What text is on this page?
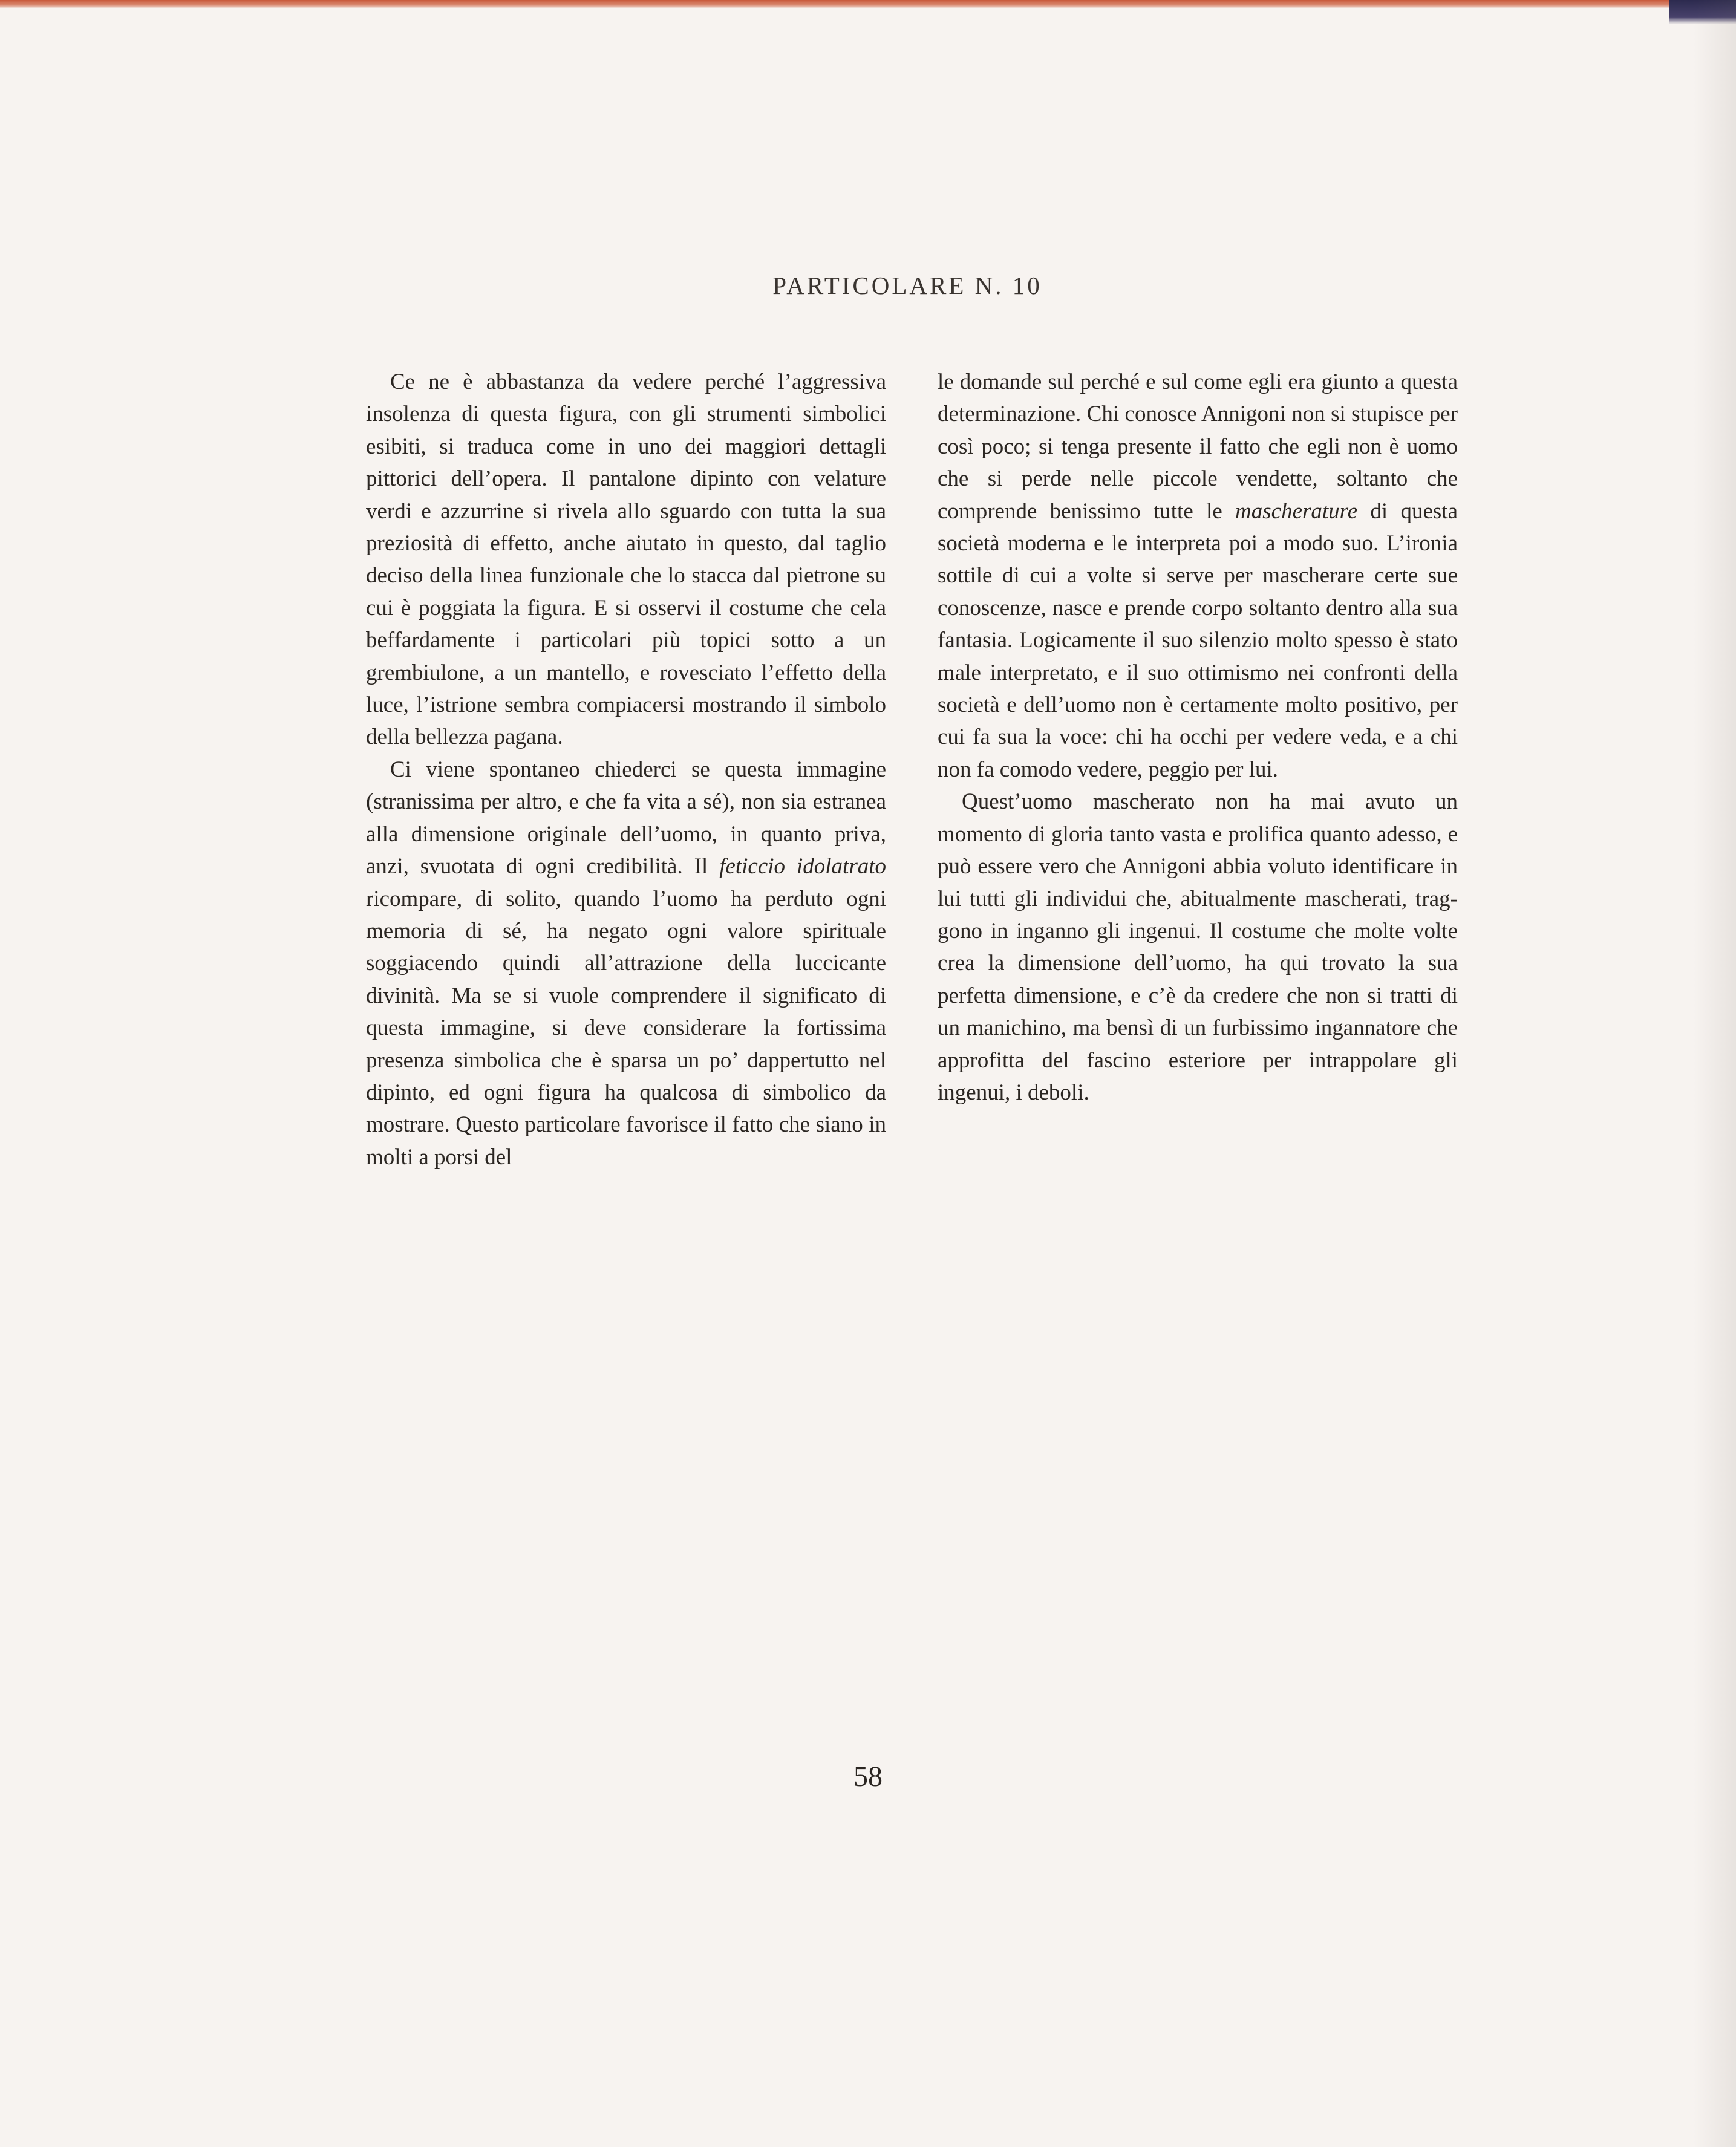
PARTICOLARE N. 10

Ce ne è abbastanza da vedere perché l’aggressiva insolenza di questa figura, con gli strumenti simbolici esibiti, si traduca come in uno dei maggiori dettagli pittorici dell’opera. Il pantalone dipinto con velature verdi e azzurrine si rivela allo sguardo con tutta la sua preziosità di effetto, anche aiutato in questo, dal taglio deciso della linea funzionale che lo stacca dal pietrone su cui è poggiata la figura. E si osservi il costume che cela beffardamente i particolari più topici sotto a un grembiulone, a un mantello, e rovesciato l’effetto della luce, l’istrione sembra compiacersi mostrando il simbolo della bellezza pagana.

Ci viene spontaneo chiederci se questa immagine (stranissima per altro, e che fa vita a sé), non sia estranea alla dimensione originale dell’uomo, in quanto priva, anzi, svuotata di ogni credibilità. Il feticcio idolatrato ricompare, di solito, quando l’uomo ha perduto ogni memoria di sé, ha negato ogni valore spirituale soggiacendo quindi all’attrazione della luccicante divinità. Ma se si vuole comprendere il significato di questa immagine, si deve considerare la fortissima presenza simbolica che è sparsa un po’ dappertutto nel dipinto, ed ogni figura ha qualcosa di simbolico da mostrare. Questo particolare favorisce il fatto che siano in molti a porsi del

le domande sul perché e sul come egli era giunto a questa determinazione. Chi conosce Annigoni non si stupisce per così poco; si tenga presente il fatto che egli non è uomo che si perde nelle piccole vendette, soltanto che comprende benissimo tutte le mascherature di questa società moderna e le interpreta poi a modo suo. L’ironia sottile di cui a volte si serve per mascherare certe sue conoscenze, nasce e prende corpo soltanto dentro alla sua fantasia. Logicamente il suo silenzio molto spesso è stato male interpretato, e il suo ottimismo nei confronti della società e dell’uomo non è certamente molto positivo, per cui fa sua la voce: chi ha occhi per vedere veda, e a chi non fa comodo vedere, peggio per lui.

Quest’uomo mascherato non ha mai avuto un momento di gloria tanto vasta e prolifica quanto adesso, e può essere vero che Annigoni abbia voluto identificare in lui tutti gli individui che, abitualmente mascherati, traggono in inganno gli ingenui. Il costume che molte volte crea la dimensione dell’uomo, ha qui trovato la sua perfetta dimensione, e c’è da credere che non si tratti di un manichino, ma bensì di un furbissimo ingannatore che approfitta del fascino esteriore per intrappolare gli ingenui, i deboli.

58
